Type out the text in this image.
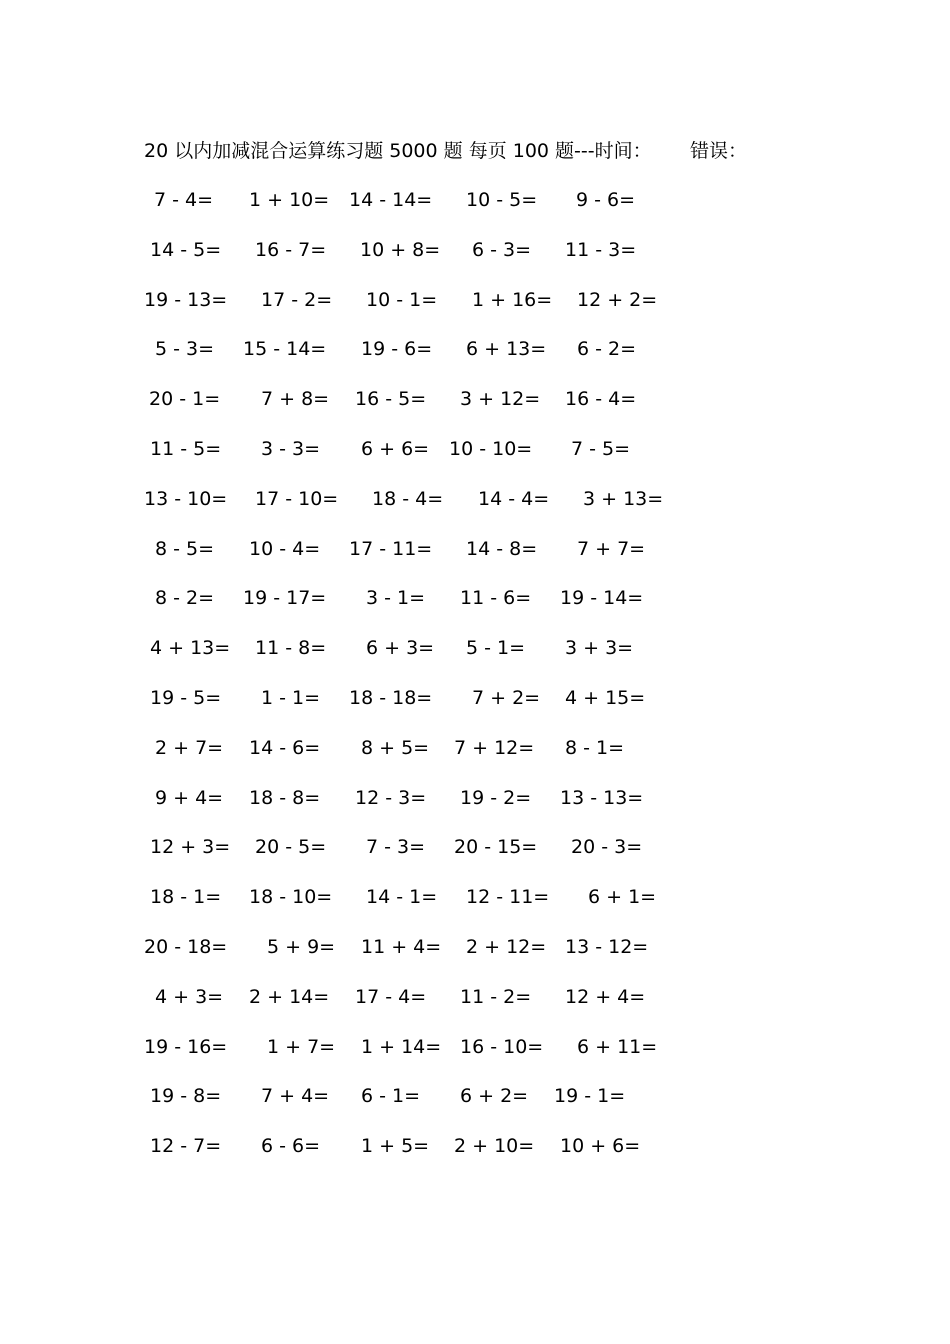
20 以内加减混合运算练习题 5000 题 每页 100 题---时间： 错误：
7 - 4= 1 + 10= 14 - 14= 10 - 5= 9 - 6=
14 - 5= 16 - 7= 10 + 8= 6 - 3= 11 - 3=
19 - 13= 17 - 2= 10 - 1= 1 + 16= 12 + 2=
5 - 3= 15 - 14= 19 - 6= 6 + 13= 6 - 2=
20 - 1= 7 + 8= 16 - 5= 3 + 12= 16 - 4=
11 - 5= 3 - 3= 6 + 6= 10 - 10= 7 - 5=
13 - 10= 17 - 10= 18 - 4= 14 - 4= 3 + 13=
8 - 5= 10 - 4= 17 - 11= 14 - 8= 7 + 7=
8 - 2= 19 - 17= 3 - 1= 11 - 6= 19 - 14=
4 + 13= 11 - 8= 6 + 3= 5 - 1= 3 + 3=
19 - 5= 1 - 1= 18 - 18= 7 + 2= 4 + 15=
2 + 7= 14 - 6= 8 + 5= 7 + 12= 8 - 1=
9 + 4= 18 - 8= 12 - 3= 19 - 2= 13 - 13=
12 + 3= 20 - 5= 7 - 3= 20 - 15= 20 - 3=
18 - 1= 18 - 10= 14 - 1= 12 - 11= 6 + 1=
20 - 18= 5 + 9= 11 + 4= 2 + 12= 13 - 12=
4 + 3= 2 + 14= 17 - 4= 11 - 2= 12 + 4=
19 - 16= 1 + 7= 1 + 14= 16 - 10= 6 + 11=
19 - 8= 7 + 4= 6 - 1= 6 + 2= 19 - 1=
12 - 7= 6 - 6= 1 + 5= 2 + 10= 10 + 6=
